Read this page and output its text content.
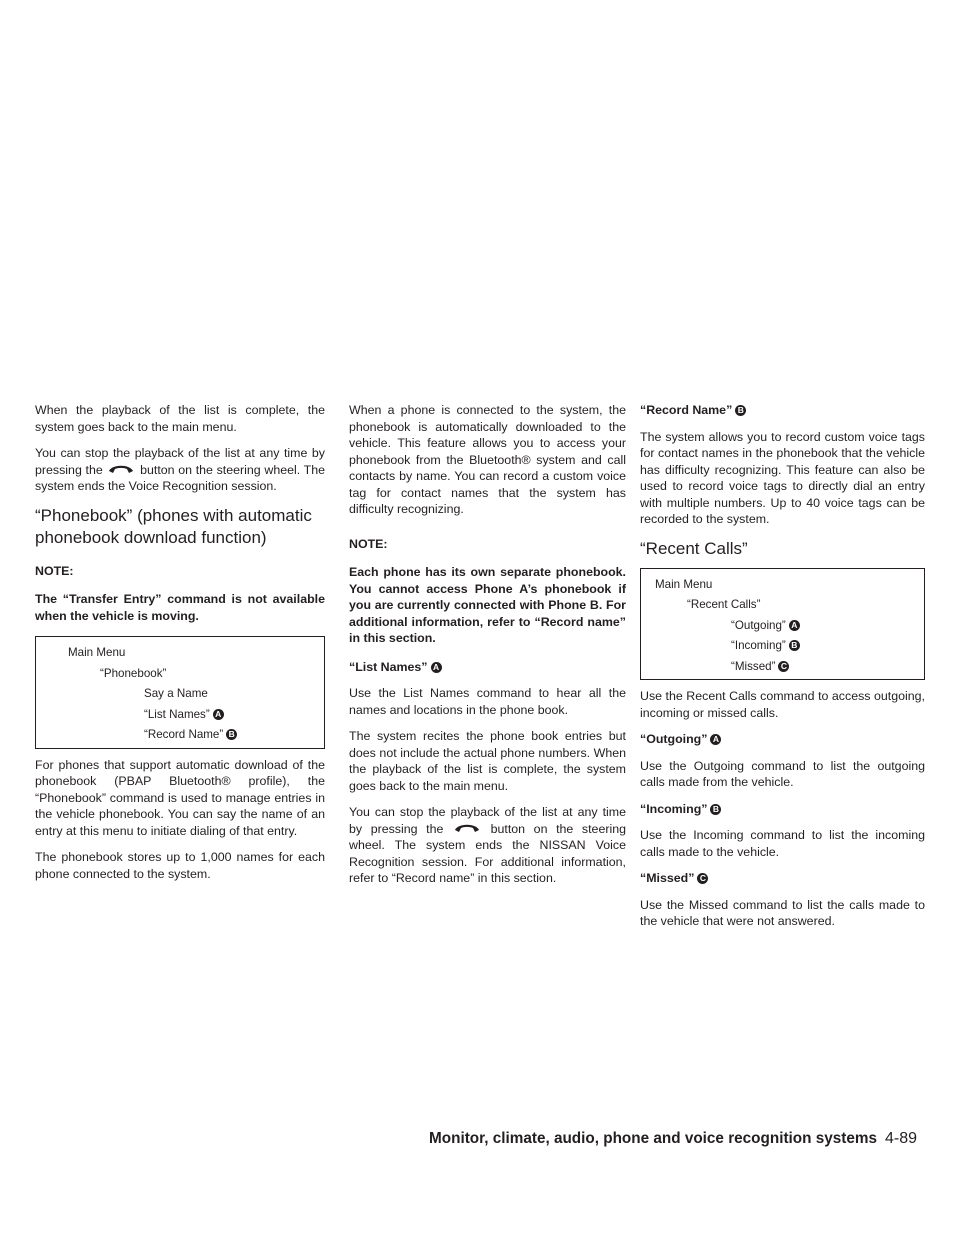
When the playback of the list is complete, the system goes back to the main menu.

You can stop the playback of the list at any time by pressing the	button on the steering wheel. The system ends the Voice Recognition session.

“Phonebook” (phones with automatic phonebook download function)

NOTE:

The “Transfer Entry” command is not available when the vehicle is moving.

Main Menu
“Phonebook”
Say a Name
“List Names” A
“Record Name” B

For phones that support automatic download of the phonebook (PBAP Bluetooth® profile), the “Phonebook” command is used to manage entries in the vehicle phonebook. You can say the name of an entry at this menu to initiate dialing of that entry.

The phonebook stores up to 1,000 names for each phone connected to the system.

When a phone is connected to the system, the phonebook is automatically downloaded to the vehicle. This feature allows you to access your phonebook from the Bluetooth® system and call contacts by name. You can record a custom voice tag for contact names that the system has difficulty recognizing.

NOTE:

Each phone has its own separate phonebook. You cannot access Phone A’s phonebook if you are currently connected with Phone B. For additional information, refer to “Record name” in this section.

“List Names” A

Use the List Names command to hear all the names and locations in the phone book.

The system recites the phone book entries but does not include the actual phone numbers. When the playback of the list is complete, the system goes back to the main menu.

You can stop the playback of the list at any time by pressing the	button on the steering wheel. The system ends the NISSAN Voice Recognition session. For additional information, refer to “Record name” in this section.

“Record Name” B

The system allows you to record custom voice tags for contact names in the phonebook that the vehicle has difficulty recognizing. This feature can also be used to record voice tags to directly dial an entry with multiple numbers. Up to 40 voice tags can be recorded to the system.

“Recent Calls”
Main Menu
“Recent Calls”
“Outgoing” A
“Incoming” B
“Missed” C

Use the Recent Calls command to access outgoing, incoming or missed calls.

“Outgoing” A

Use the Outgoing command to list the outgoing calls made from the vehicle.

“Incoming” B

Use the Incoming command to list the incoming calls made to the vehicle.

“Missed” C

Use the Missed command to list the calls made to the vehicle that were not answered.

Monitor, climate, audio, phone and voice recognition systems 4-89
